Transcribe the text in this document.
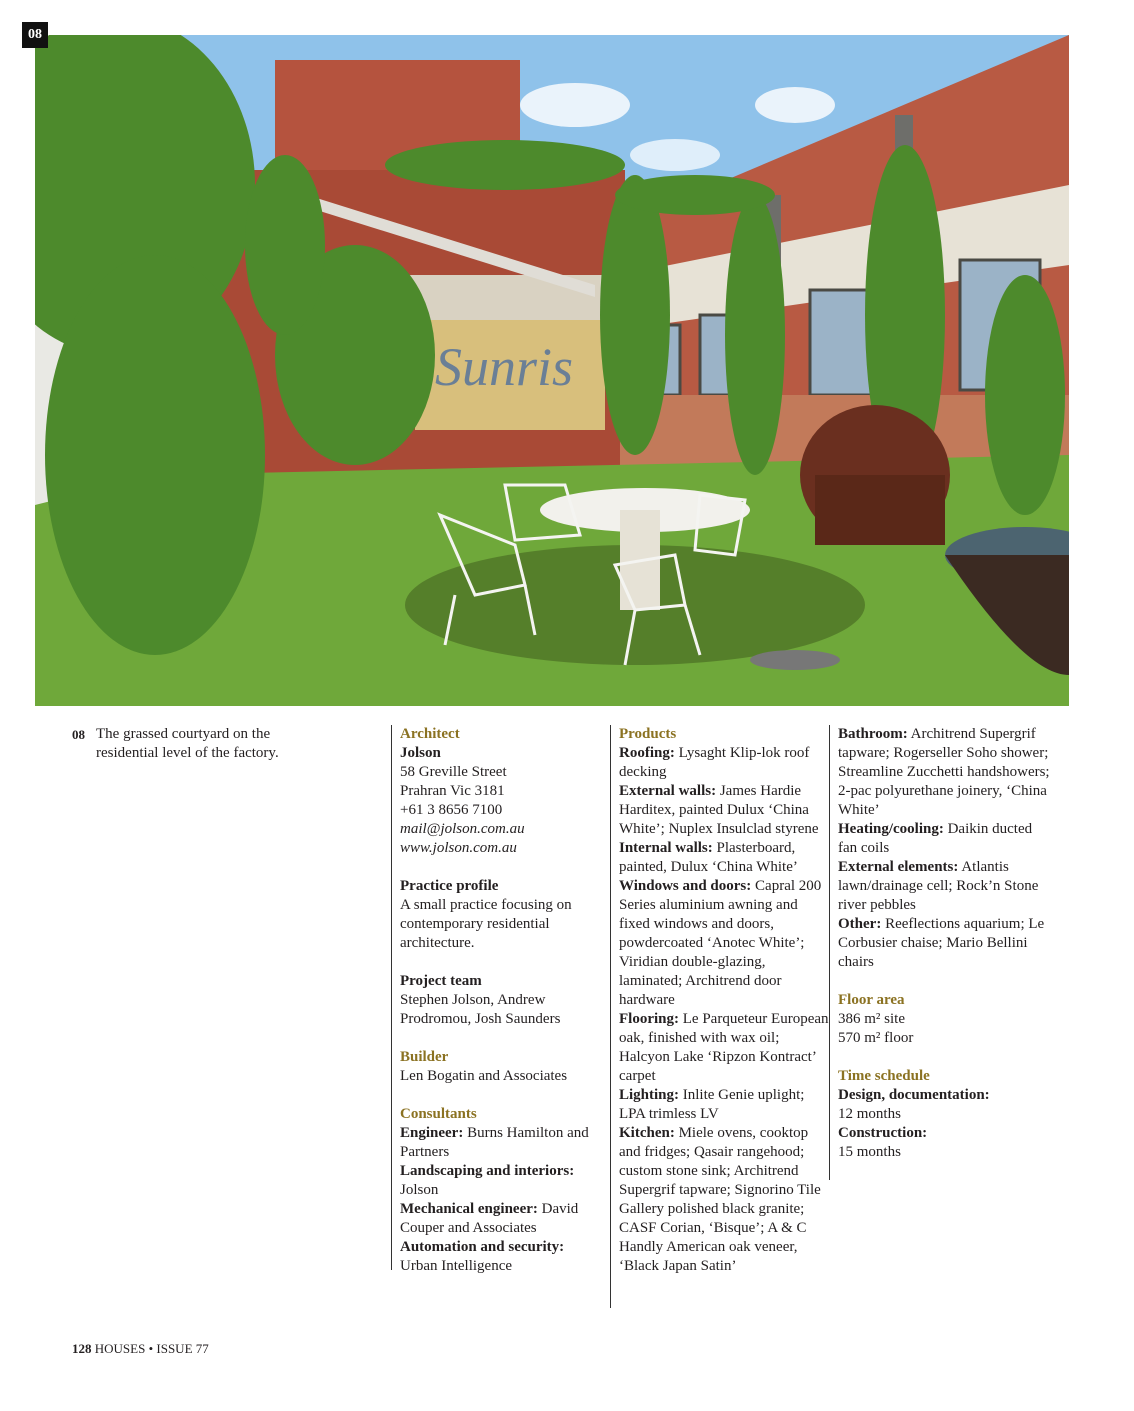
08
Sunris
08 The grassed courtyard on the residential level of the factory.
Architect
Jolson
58 Greville Street
Prahran Vic 3181
+61 3 8656 7100
mail@jolson.com.au
www.jolson.com.au
Practice profile
A small practice focusing on contemporary residential architecture.
Project team
Stephen Jolson, Andrew Prodromou, Josh Saunders
Builder
Len Bogatin and Associates
Consultants
Engineer: Burns Hamilton and Partners
Landscaping and interiors: Jolson
Mechanical engineer: David Couper and Associates
Automation and security: Urban Intelligence
Products
Roofing: Lysaght Klip-lok roof decking
External walls: James Hardie Harditex, painted Dulux ‘China White’; Nuplex Insulclad styrene
Internal walls: Plasterboard, painted, Dulux ‘China White’
Windows and doors: Capral 200 Series aluminium awning and fixed windows and doors, powdercoated ‘Anotec White’; Viridian double-glazing, laminated; Architrend door hardware
Flooring: Le Parqueteur European oak, finished with wax oil; Halcyon Lake ‘Ripzon Kontract’ carpet
Lighting: Inlite Genie uplight; LPA trimless LV
Kitchen: Miele ovens, cooktop and fridges; Qasair rangehood; custom stone sink; Architrend Supergrif tapware; Signorino Tile Gallery polished black granite; CASF Corian, ‘Bisque’; A & C Handly American oak veneer, ‘Black Japan Satin’
Bathroom: Architrend Supergrif tapware; Rogerseller Soho shower; Streamline Zucchetti handshowers; 2-pac polyurethane joinery, ‘China White’
Heating/cooling: Daikin ducted fan coils
External elements: Atlantis lawn/drainage cell; Rock’n Stone river pebbles
Other: Reeflections aquarium; Le Corbusier chaise; Mario Bellini chairs
Floor area
386 m² site
570 m² floor
Time schedule
Design, documentation:
12 months
Construction:
15 months
128 HOUSES • ISSUE 77
